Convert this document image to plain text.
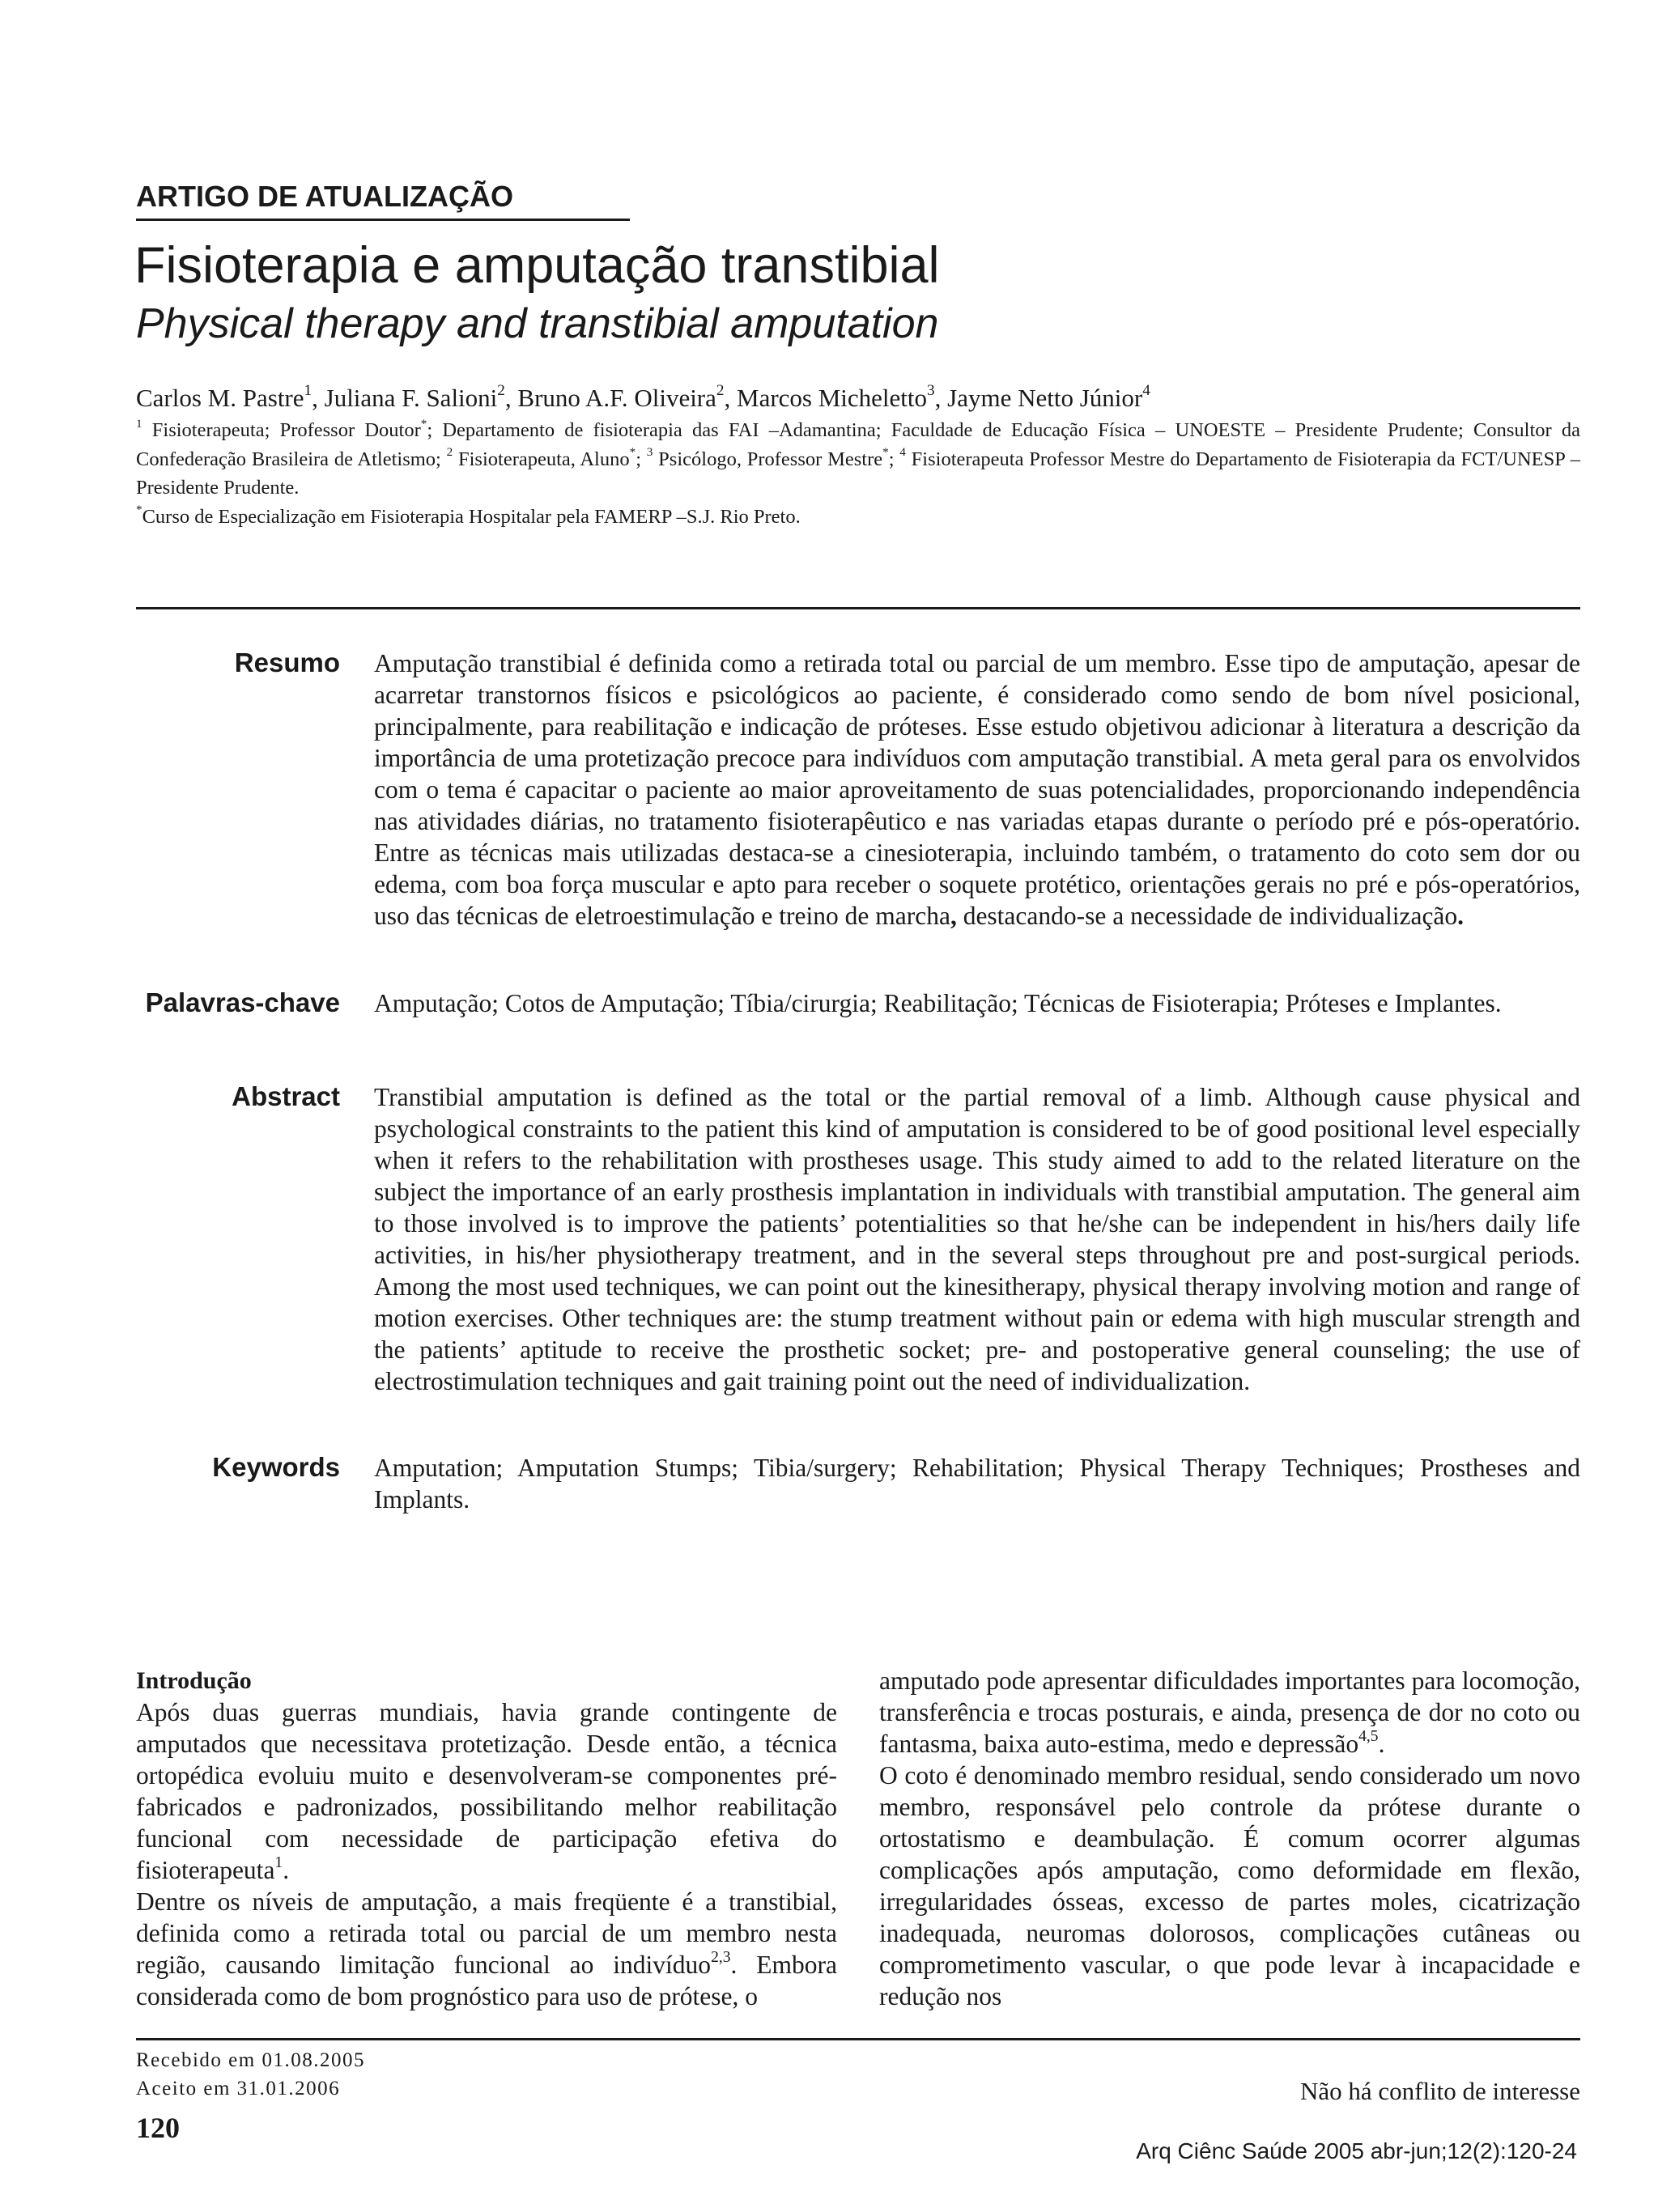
ARTIGO DE ATUALIZAÇÃO
Fisioterapia e amputação transtibial
Physical therapy and transtibial amputation
Carlos M. Pastre$^1$, Juliana F. Salioni$^2$, Bruno A.F. Oliveira$^2$, Marcos Micheletto$^3$, Jayme Netto Júnior$^4$
$^1$ Fisioterapeuta; Professor Doutor*; Departamento de fisioterapia das FAI –Adamantina; Faculdade de Educação Física – UNOESTE – Presidente Prudente; Consultor da Confederação Brasileira de Atletismo; $^2$ Fisioterapeuta, Aluno*; $^3$ Psicólogo, Professor Mestre*; $^4$ Fisioterapeuta Professor Mestre do Departamento de Fisioterapia da FCT/UNESP – Presidente Prudente.
*Curso de Especialização em Fisioterapia Hospitalar pela FAMERP –S.J. Rio Preto.
Resumo Amputação transtibial é definida como a retirada total ou parcial de um membro. Esse tipo de amputação, apesar de acarretar transtornos físicos e psicológicos ao paciente, é considerado como sendo de bom nível posicional, principalmente, para reabilitação e indicação de próteses. Esse estudo objetivou adicionar à literatura a descrição da importância de uma protetização precoce para indivíduos com amputação transtibial. A meta geral para os envolvidos com o tema é capacitar o paciente ao maior aproveitamento de suas potencialidades, proporcionando independência nas atividades diárias, no tratamento fisioterapêutico e nas variadas etapas durante o período pré e pós-operatório. Entre as técnicas mais utilizadas destaca-se a cinesioterapia, incluindo também, o tratamento do coto sem dor ou edema, com boa força muscular e apto para receber o soquete protético, orientações gerais no pré e pós-operatórios, uso das técnicas de eletroestimulação e treino de marcha, destacando-se a necessidade de individualização.
Palavras-chave Amputação; Cotos de Amputação; Tíbia/cirurgia; Reabilitação; Técnicas de Fisioterapia; Próteses e Implantes.
Abstract Transtibial amputation is defined as the total or the partial removal of a limb. Although cause physical and psychological constraints to the patient this kind of amputation is considered to be of good positional level especially when it refers to the rehabilitation with prostheses usage. This study aimed to add to the related literature on the subject the importance of an early prosthesis implantation in individuals with transtibial amputation. The general aim to those involved is to improve the patients’ potentialities so that he/she can be independent in his/hers daily life activities, in his/her physiotherapy treatment, and in the several steps throughout pre and post-surgical periods. Among the most used techniques, we can point out the kinesitherapy, physical therapy involving motion and range of motion exercises. Other techniques are: the stump treatment without pain or edema with high muscular strength and the patients’ aptitude to receive the prosthetic socket; pre- and postoperative general counseling; the use of electrostimulation techniques and gait training point out the need of individualization.
Keywords Amputation; Amputation Stumps; Tibia/surgery; Rehabilitation; Physical Therapy Techniques; Prostheses and Implants.

Introdução

Após duas guerras mundiais, havia grande contingente de amputados que necessitava protetização. Desde então, a técnica ortopédica evoluiu muito e desenvolveram-se componentes pré-fabricados e padronizados, possibilitando melhor reabilitação funcional com necessidade de participação efetiva do fisioterapeuta$^1$.

Dentre os níveis de amputação, a mais freqüente é a transtibial, definida como a retirada total ou parcial de um membro nesta região, causando limitação funcional ao indivíduo$^{2,3}$. Embora considerada como de bom prognóstico para uso de prótese, o

amputado pode apresentar dificuldades importantes para locomoção, transferência e trocas posturais, e ainda, presença de dor no coto ou fantasma, baixa auto-estima, medo e depressão$^{4,5}$.

O coto é denominado membro residual, sendo considerado um novo membro, responsável pelo controle da prótese durante o ortostatismo e deambulação. É comum ocorrer algumas complicações após amputação, como deformidade em flexão, irregularidades ósseas, excesso de partes moles, cicatrização inadequada, neuromas dolorosos, complicações cutâneas ou comprometimento vascular, o que pode levar à incapacidade e redução nos

Recebido em 01.08.2005
Aceito em 31.01.2006
120
Não há conflito de interesse
Arq Ciênc Saúde 2005 abr-jun;12(2):120-24
